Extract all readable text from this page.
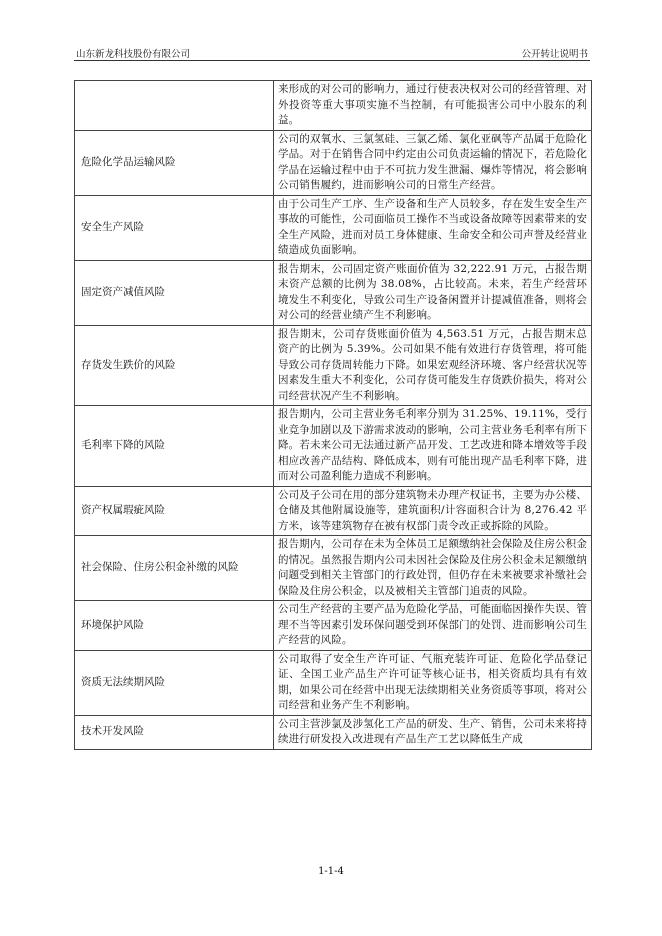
山东新龙科技股份有限公司	公开转让说明书
	来形成的对公司的影响力，通过行使表决权对公司的经营管理、对外投资等重大事项实施不当控制，有可能损害公司中小股东的利益。
危险化学品运输风险	公司的双氧水、三氯氢硅、三氯乙烯、氯化亚砜等产品属于危险化学品。对于在销售合同中约定由公司负责运输的情况下，若危险化学品在运输过程中由于不可抗力发生泄漏、爆炸等情况，将会影响公司销售履约，进而影响公司的日常生产经营。
安全生产风险	由于公司生产工序、生产设备和生产人员较多，存在发生安全生产事故的可能性，公司面临员工操作不当或设备故障等因素带来的安全生产风险，进而对员工身体健康、生命安全和公司声誉及经营业绩造成负面影响。
固定资产减值风险	报告期末，公司固定资产账面价值为 32,222.91 万元，占报告期末资产总额的比例为 38.08%，占比较高。未来，若生产经营环境发生不利变化，导致公司生产设备闲置并计提减值准备，则将会对公司的经营业绩产生不利影响。
存货发生跌价的风险	报告期末，公司存货账面价值为 4,563.51 万元，占报告期末总资产的比例为 5.39%。公司如果不能有效进行存货管理，将可能导致公司存货周转能力下降。如果宏观经济环境、客户经营状况等因素发生重大不利变化，公司存货可能发生存货跌价损失，将对公司经营状况产生不利影响。
毛利率下降的风险	报告期内，公司主营业务毛利率分别为 31.25%、19.11%，受行业竞争加剧以及下游需求波动的影响，公司主营业务毛利率有所下降。若未来公司无法通过新产品开发、工艺改进和降本增效等手段相应改善产品结构、降低成本，则有可能出现产品毛利率下降，进而对公司盈利能力造成不利影响。
资产权属瑕疵风险	公司及子公司在用的部分建筑物未办理产权证书，主要为办公楼、仓储及其他附属设施等，建筑面积/计容面积合计为 8,276.42 平方米，该等建筑物存在被有权部门责令改正或拆除的风险。
社会保险、住房公积金补缴的风险	报告期内，公司存在未为全体员工足额缴纳社会保险及住房公积金的情况。虽然报告期内公司未因社会保险及住房公积金未足额缴纳问题受到相关主管部门的行政处罚，但仍存在未来被要求补缴社会保险及住房公积金，以及被相关主管部门追责的风险。
环境保护风险	公司生产经营的主要产品为危险化学品，可能面临因操作失误、管理不当等因素引发环保问题受到环保部门的处罚、进而影响公司生产经营的风险。
资质无法续期风险	公司取得了安全生产许可证、气瓶充装许可证、危险化学品登记证、全国工业产品生产许可证等核心证书，相关资质均具有有效期，如果公司在经营中出现无法续期相关业务资质等事项，将对公司经营和业务产生不利影响。
技术开发风险	公司主营涉氯及涉氢化工产品的研发、生产、销售，公司未来将持续进行研发投入改进现有产品生产工艺以降低生产成
1-1-4
